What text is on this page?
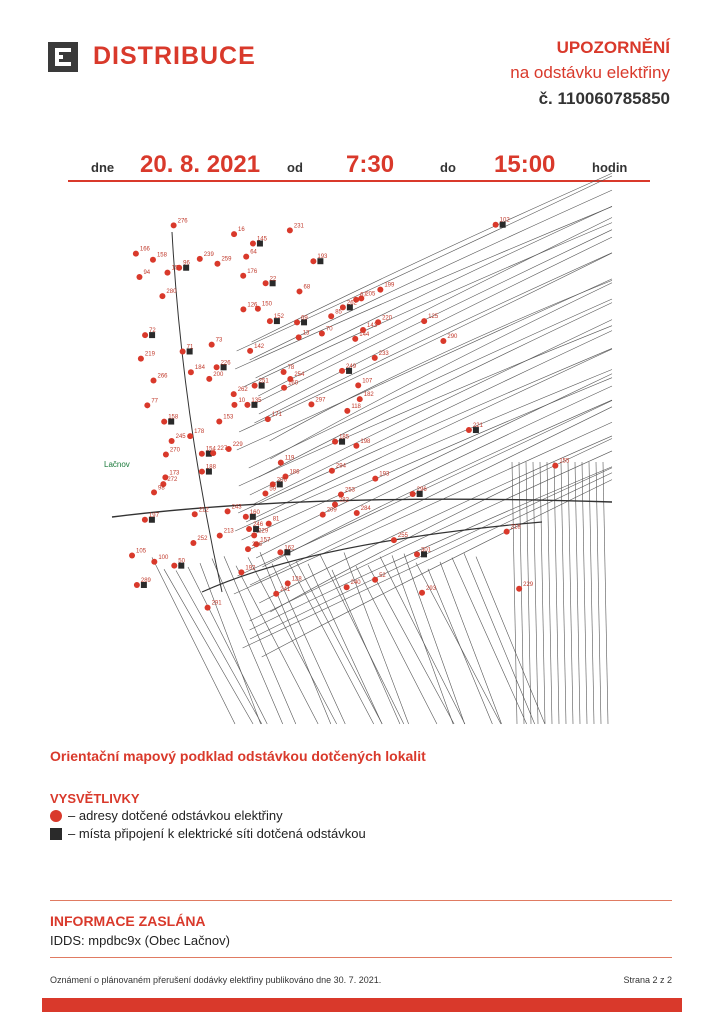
DISTRIBUCE	UPOZORNĚNÍ
na odstávku elektřiny
č. 110060785850
dne 20. 8. 2021 od 7:30	do 15:00	hodin
102
276
231
16
145
166	64
259	193
239
15
158
96
94	176
199
22
280
68
205
262
67
150
85
152	125
126
220
69
70
143
144
72
142
13
290
71
73
233
219
226
184
200
78	249
254
107
266
251
262
160
77	135
182
10	297
158
118
171
153
221
178
198
229
185
245
270
119
154 227
155
294
188
173	193
186
206
272
253
59	296
98
243
209
160
282
284
212
197
213
218
81
246
229
252	255
162
157
105
246
301
100
192
52
50
229
240
241
289	128
293
291
Lačnov
Orientační mapový podklad odstávkou dotčených lokalit
VYSVĚTLIVKY
– adresy dotčené odstávkou elektřiny
– místa připojení k elektrické síti dotčená odstávkou
INFORMACE ZASLÁNA
IDDS: mpdbc9x (Obec Lačnov)
Oznámení o plánovaném přerušení dodávky elektřiny publikováno dne 30. 7. 2021.	Strana 2 z 2
